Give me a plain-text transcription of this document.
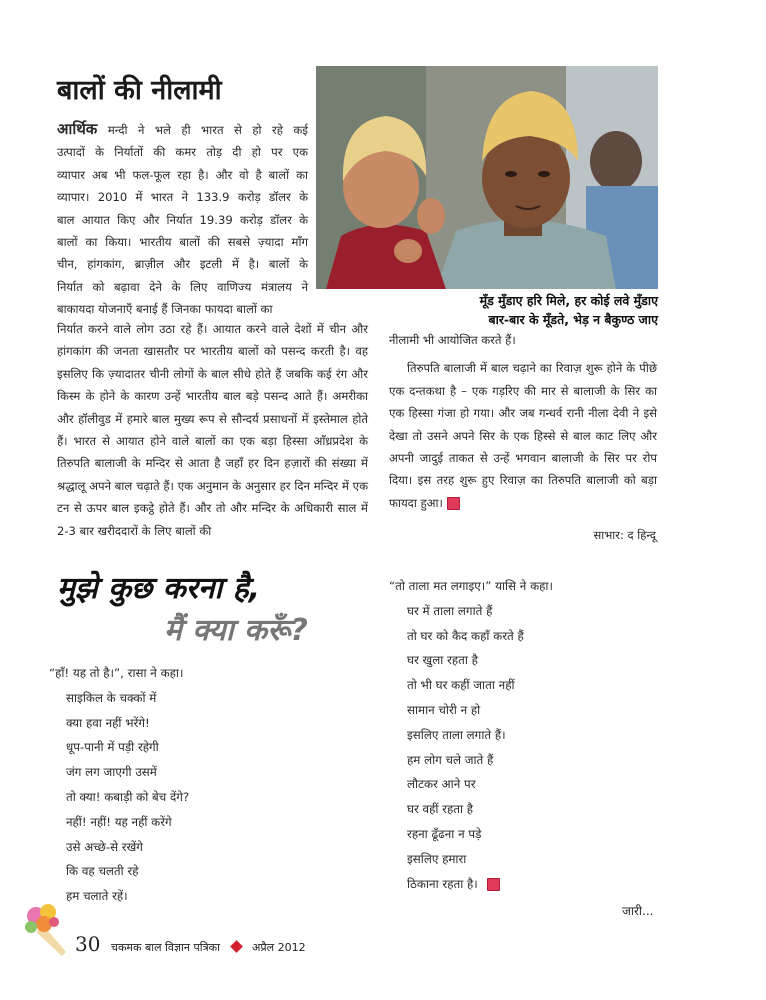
बालों की नीलामी

आर्थिक मन्दी ने भले ही भारत से हो रहे कई

उत्पादों के निर्यातों की कमर तोड़ दी हो पर एक

व्यापार अब भी फल-फूल रहा है। और वो है बालों का

व्यापार। 2010 में भारत ने 133.9 करोड़ डॉलर के

बाल आयात किए और निर्यात 19.39 करोड़ डॉलर के

बालों का किया। भारतीय बालों की सबसे ज़्यादा माँग

चीन, हांगकांग, ब्राज़ील और इटली में है। बालों के

निर्यात को बढ़ावा देने के लिए वाणिज्य मंत्रालय ने

बाकायदा योजनाएँ बनाई हैं जिनका फायदा बालों का

निर्यात करने वाले लोग उठा रहे हैं। आयात करने वाले देशों में चीन और हांगकांग की जनता खासतौर पर भारतीय बालों को पसन्द करती है। वह इसलिए कि ज़्यादातर चीनी लोगों के बाल सीधे होते हैं जबकि कई रंग और किस्म के होने के कारण उन्हें भारतीय बाल बड़े पसन्द आते हैं। अमरीका और हॉलीवुड में हमारे बाल मुख्य रूप से सौन्दर्य प्रसाधनों में इस्तेमाल होते हैं। भारत से आयात होने वाले बालों का एक बड़ा हिस्सा आँध्रप्रदेश के तिरुपति बालाजी के मन्दिर से आता है जहाँ हर दिन हज़ारों की संख्या में श्रद्धालू अपने बाल चढ़ाते हैं। एक अनुमान के अनुसार हर दिन मन्दिर में एक टन से ऊपर बाल इकट्ठे होते हैं। और तो और मन्दिर के अधिकारी साल में 2-3 बार खरीददारों के लिए बालों की

मूँड मुँडाए हरि मिले, हर कोई लवे मुँडाए
बार-बार के मूँडते, भेड़ न बैकुण्ठ जाए

नीलामी भी आयोजित करते हैं।

तिरुपति बालाजी में बाल चढ़ाने का रिवाज़ शुरू होने के पीछे एक दन्तकथा है – एक गड़रिए की मार से बालाजी के सिर का एक हिस्सा गंजा हो गया। और जब गन्धर्व रानी नीला देवी ने इसे देखा तो उसने अपने सिर के एक हिस्से से बाल काट लिए और अपनी जादुई ताकत से उन्हें भगवान बालाजी के सिर पर रोप दिया। इस तरह शुरू हुए रिवाज़ का तिरुपति बालाजी को बड़ा फायदा हुआ।

साभार: द हिन्दू
मुझे कुछ करना है,
मैं क्या करूँ?
“हाँ! यह तो है।”, रासा ने कहा।
साइकिल के चक्कों में
क्या हवा नहीं भरेंगे!
धूप-पानी में पड़ी रहेगी
जंग लग जाएगी उसमें
तो क्या! कबाड़ी को बेच देंगे?
नहीं! नहीं! यह नहीं करेंगे
उसे अच्छे-से रखेंगे
कि वह चलती रहे
हम चलाते रहें।
“तो ताला मत लगाइए।” यासि ने कहा।
घर में ताला लगाते हैं
तो घर को कैद कहाँ करते हैं
घर खुला रहता है
तो भी घर कहीं जाता नहीं
सामान चोरी न हो
इसलिए ताला लगाते हैं।
हम लोग चले जाते हैं
लौटकर आने पर
घर वहीं रहता है
रहना ढूँढना न पड़े
इसलिए हमारा
ठिकाना रहता है।
जारी...
30 चकमक बाल विज्ञान पत्रिका	अप्रैल 2012
